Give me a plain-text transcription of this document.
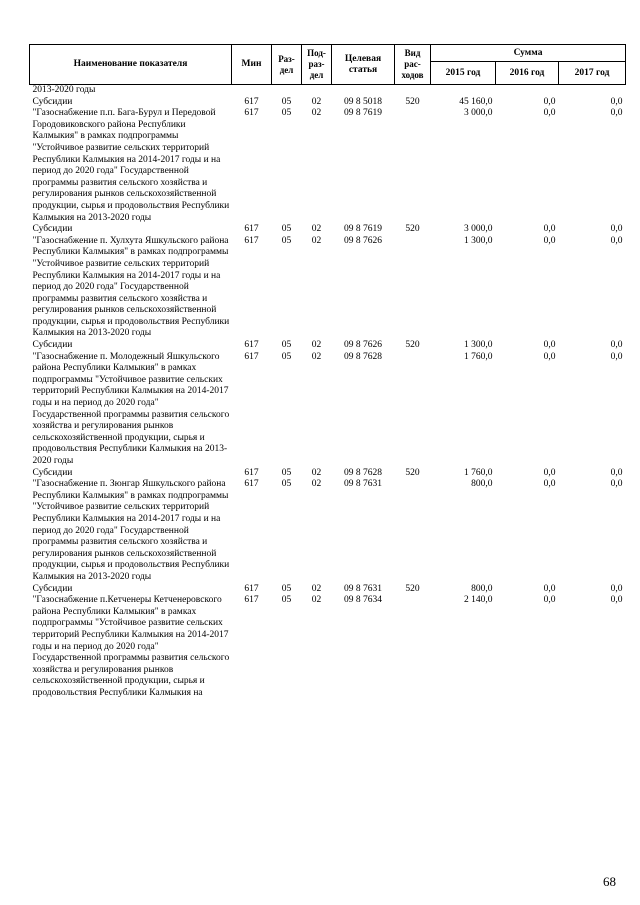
Наименование показателя	Мин	Раз-дел	Под-раз-дел	Целевая статья	Вид рас-ходов	Сумма		
						2015 год	2016 год	2017 год
2013-2020 годы								
Субсидии	617	05	02	09 8 5018	520	45 160,0	0,0	0,0
"Газоснабжение п.п. Бага-Бурул и Передовой Городовиковского района Республики Калмыкия" в рамках подпрограммы "Устойчивое развитие сельских территорий Республики Калмыкия на 2014-2017 годы и на период до 2020 года" Государственной программы развития сельского хозяйства и регулирования рынков сельскохозяйственной продукции, сырья и продовольствия Республики Калмыкия на 2013-2020 годы	617	05	02	09 8 7619		3 000,0	0,0	0,0
Субсидии	617	05	02	09 8 7619	520	3 000,0	0,0	0,0
"Газоснабжение п. Хулхута Яшкульского района Республики Калмыкия" в рамках подпрограммы "Устойчивое развитие сельских территорий Республики Калмыкия на 2014-2017 годы и на период до 2020 года" Государственной программы развития сельского хозяйства и регулирования рынков сельскохозяйственной продукции, сырья и продовольствия Республики Калмыкия на 2013-2020 годы	617	05	02	09 8 7626		1 300,0	0,0	0,0
Субсидии	617	05	02	09 8 7626	520	1 300,0	0,0	0,0
"Газоснабжение п. Молодежный Яшкульского района Республики Калмыкия" в рамках подпрограммы "Устойчивое развитие сельских территорий Республики Калмыкия на 2014-2017 годы и на период до 2020 года" Государственной программы развития сельского хозяйства и регулирования рынков сельскохозяйственной продукции, сырья и продовольствия Республики Калмыкия на 2013-2020 годы	617	05	02	09 8 7628		1 760,0	0,0	0,0
Субсидии	617	05	02	09 8 7628	520	1 760,0	0,0	0,0
"Газоснабжение п. Зюнгар Яшкульского района Республики Калмыкия" в рамках подпрограммы "Устойчивое развитие сельских территорий Республики Калмыкия на 2014-2017 годы и на период до 2020 года" Государственной программы развития сельского хозяйства и регулирования рынков сельскохозяйственной продукции, сырья и продовольствия Республики Калмыкия на 2013-2020 годы	617	05	02	09 8 7631		800,0	0,0	0,0
Субсидии	617	05	02	09 8 7631	520	800,0	0,0	0,0
"Газоснабжение п.Кетченеры Кетченеровского района Республики Калмыкия" в рамках подпрограммы "Устойчивое развитие сельских территорий Республики Калмыкия на 2014-2017 годы и на период до 2020 года" Государственной программы развития сельского хозяйства и регулирования рынков сельскохозяйственной продукции, сырья и продовольствия Республики Калмыкия на	617	05	02	09 8 7634		2 140,0	0,0	0,0
68
